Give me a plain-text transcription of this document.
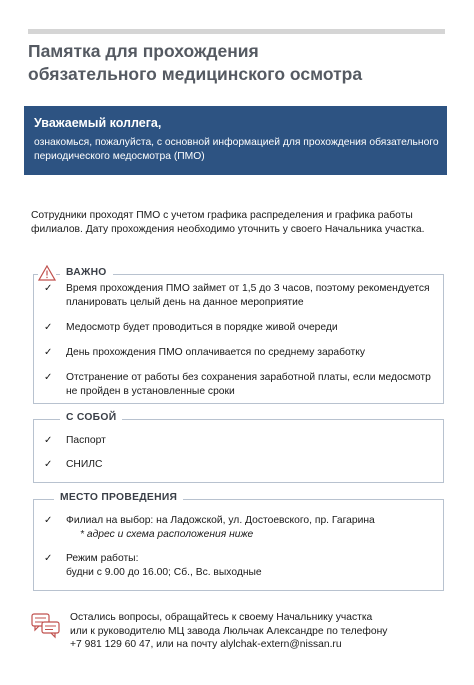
Памятка для прохождения
обязательного медицинского осмотра
Уважаемый коллега,
ознакомься, пожалуйста, с основной информацией для прохождения обязательного периодического медосмотра (ПМО)

Сотрудники проходят ПМО с учетом графика распределения и графика работы филиалов. Дату прохождения необходимо уточнить у своего Начальника участка.

ВАЖНО
✓ Время прохождения ПМО займет от 1,5 до 3 часов, поэтому рекомендуется планировать целый день на данное мероприятие
✓ Медосмотр будет проводиться в порядке живой очереди
✓ День прохождения ПМО оплачивается по среднему заработку
✓ Отстранение от работы без сохранения заработной платы, если медосмотр не пройден в установленные сроки
С СОБОЙ
✓ Паспорт
✓ СНИЛС
МЕСТО ПРОВЕДЕНИЯ
✓ Филиал на выбор: на Ладожской, ул. Достоевского, пр. Гагарина
* адрес и схема расположения ниже
✓ Режим работы:
будни с 9.00 до 16.00; Сб., Вс. выходные

Остались вопросы, обращайтесь к своему Начальнику участка
или к руководителю МЦ завода Люльчак Александре по телефону
+7 981 129 60 47, или на почту alylchak-extern@nissan.ru
